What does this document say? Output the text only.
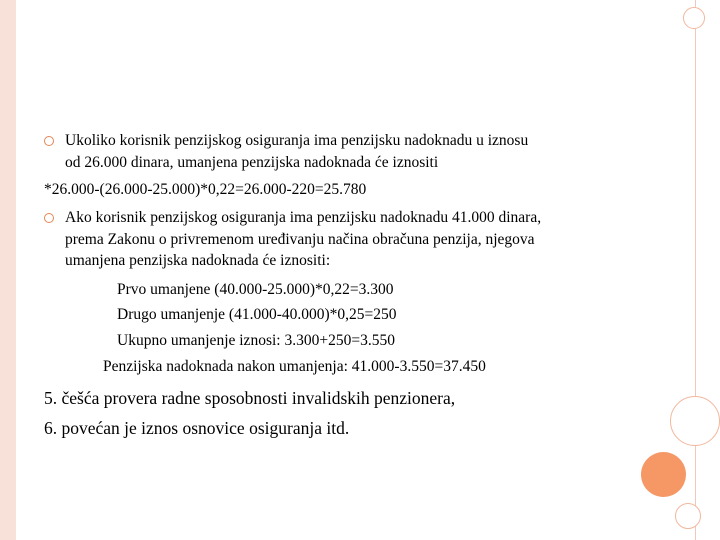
Ukoliko korisnik penzijskog osiguranja ima penzijsku nadoknadu u iznosu
od 26.000 dinara, umanjena penzijska nadoknada će iznositi
*26.000-(26.000-25.000)*0,22=26.000-220=25.780
Ako korisnik penzijskog osiguranja ima penzijsku nadoknadu 41.000 dinara,
prema Zakonu o privremenom uređivanju načina obračuna penzija, njegova
umanjena penzijska nadoknada će iznositi:
Prvo umanjene (40.000-25.000)*0,22=3.300
Drugo umanjenje (41.000-40.000)*0,25=250
Ukupno umanjenje iznosi: 3.300+250=3.550
Penzijska nadoknada nakon umanjenja: 41.000-3.550=37.450
5. češća provera radne sposobnosti invalidskih penzionera,
6. povećan je iznos osnovice osiguranja itd.
